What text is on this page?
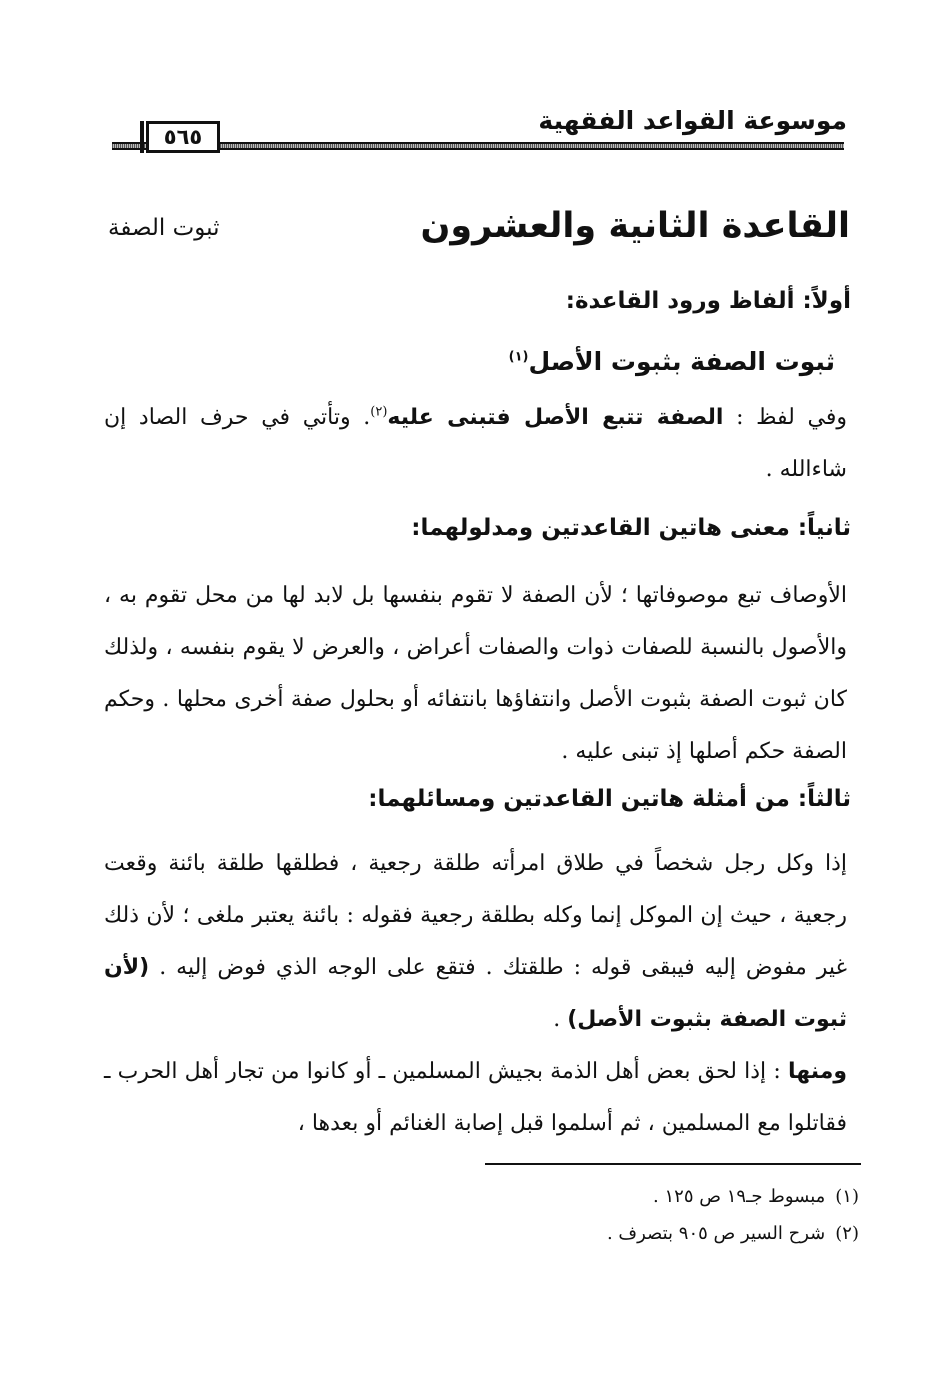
موسوعة القواعد الفقهية
٥٦٥
القاعدة الثانية والعشرون
ثبوت الصفة
أولاً: ألفاظ ورود القاعدة:
ثبوت الصفة بثبوت الأصل$^{(١)}$
وفي لفظ : الصفة تتبع الأصل فتبنى عليه$^{(٢)}$. وتأتي في حرف الصاد إن شاءالله .
ثانياً: معنى هاتين القاعدتين ومدلولهما:
الأوصاف تبع موصوفاتها ؛ لأن الصفة لا تقوم بنفسها بل لابد لها من محل تقوم به ، والأصول بالنسبة للصفات ذوات والصفات أعراض ، والعرض لا يقوم بنفسه ، ولذلك كان ثبوت الصفة بثبوت الأصل وانتفاؤها بانتفائه أو بحلول صفة أخرى محلها . وحكم الصفة حكم أصلها إذ تبنى عليه .
ثالثاً: من أمثلة هاتين القاعدتين ومسائلهما:
إذا وكل رجل شخصاً في طلاق امرأته طلقة رجعية ، فطلقها طلقة بائنة وقعت رجعية ، حيث إن الموكل إنما وكله بطلقة رجعية فقوله : بائنة يعتبر ملغى ؛ لأن ذلك غير مفوض إليه فيبقى قوله : طلقتك . فتقع على الوجه الذي فوض إليه . (لأن ثبوت الصفة بثبوت الأصل) .
ومنها : إذا لحق بعض أهل الذمة بجيش المسلمين ـ أو كانوا من تجار أهل الحرب ـ فقاتلوا مع المسلمين ، ثم أسلموا قبل إصابة الغنائم أو بعدها ،
(١)مبسوط جـ١٩ ص ١٢٥ .
(٢)شرح السير ص ٩٠٥ بتصرف .
